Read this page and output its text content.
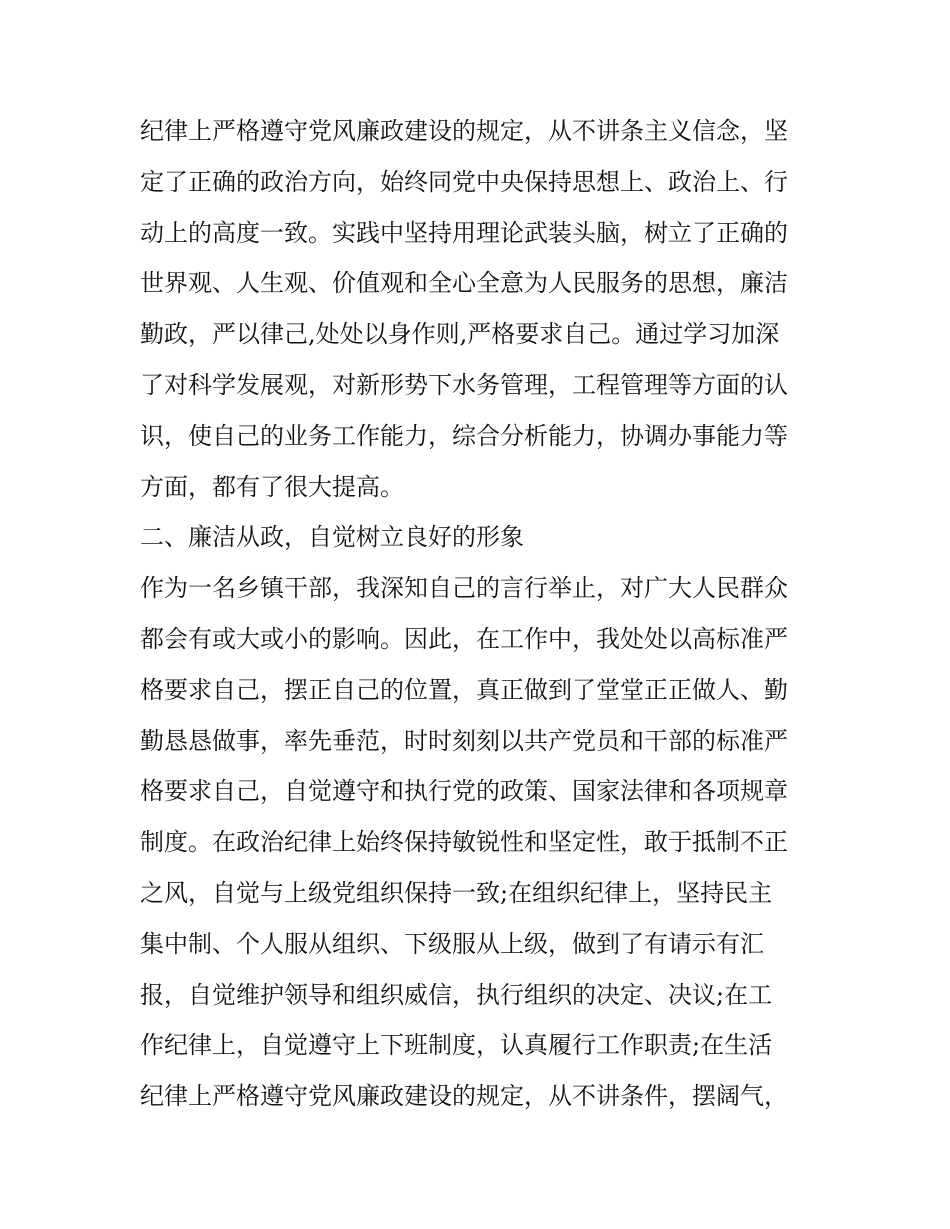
纪律上严格遵守党风廉政建设的规定，从不讲条主义信念，坚
定了正确的政治方向，始终同党中央保持思想上、政治上、行
动上的高度一致。实践中坚持用理论武装头脑，树立了正确的
世界观、人生观、价值观和全心全意为人民服务的思想，廉洁
勤政，严以律己,处处以身作则,严格要求自己。通过学习加深
了对科学发展观，对新形势下水务管理，工程管理等方面的认
识，使自己的业务工作能力，综合分析能力，协调办事能力等
方面，都有了很大提高。
二、廉洁从政，自觉树立良好的形象
作为一名乡镇干部，我深知自己的言行举止，对广大人民群众
都会有或大或小的影响。因此，在工作中，我处处以高标准严
格要求自己，摆正自己的位置，真正做到了堂堂正正做人、勤
勤恳恳做事，率先垂范，时时刻刻以共产党员和干部的标准严
格要求自己，自觉遵守和执行党的政策、国家法律和各项规章
制度。在政治纪律上始终保持敏锐性和坚定性，敢于抵制不正
之风，自觉与上级党组织保持一致;在组织纪律上，坚持民主
集中制、个人服从组织、下级服从上级，做到了有请示有汇
报，自觉维护领导和组织威信，执行组织的决定、决议;在工
作纪律上，自觉遵守上下班制度，认真履行工作职责;在生活
纪律上严格遵守党风廉政建设的规定，从不讲条件，摆阔气，
